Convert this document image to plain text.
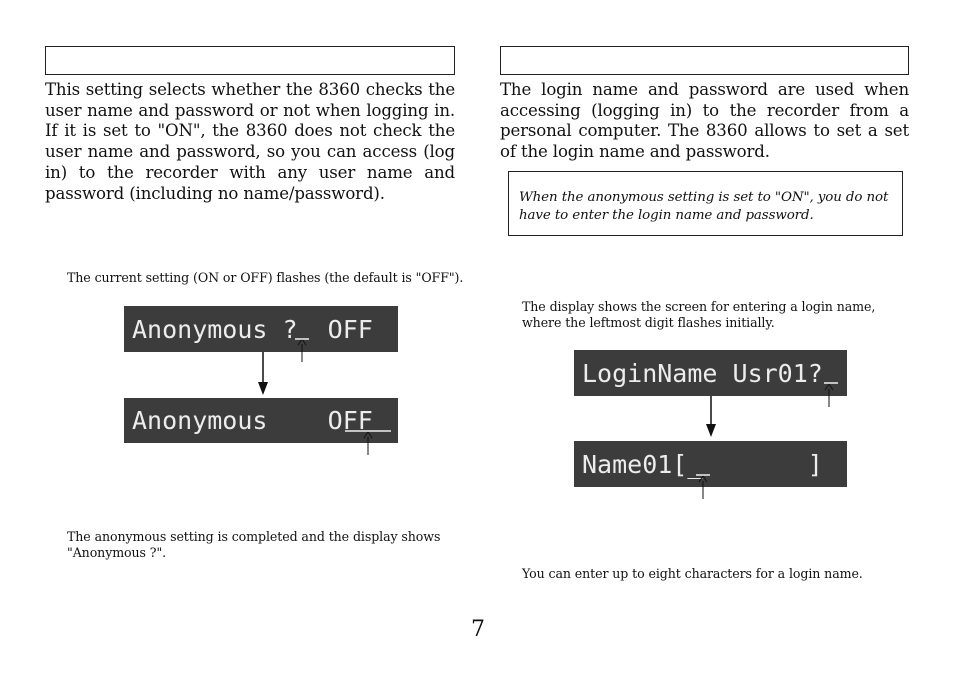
This setting selects whether the 8360 checks the user name and password or not when logging in. If it is set to "ON", the 8360 does not check the user name and password, so you can access (log in) to the recorder with any user name and password (including no name/password).
The current setting (ON or OFF) flashes (the default is "OFF").
Anonymous ?  OFF
Anonymous    OFF
The anonymous setting is completed and the display shows "Anonymous ?".
The login name and password are used when accessing (logging in) to the recorder from a personal computer. The 8360 allows to set a set of the login name and password.
When the anonymous setting is set to "ON", you do not have to enter the login name and password.
The display shows the screen for entering a login name, where the leftmost digit flashes initially.
LoginName Usr01?
Name01[_       ]
You can enter up to eight characters for a login name.
7
